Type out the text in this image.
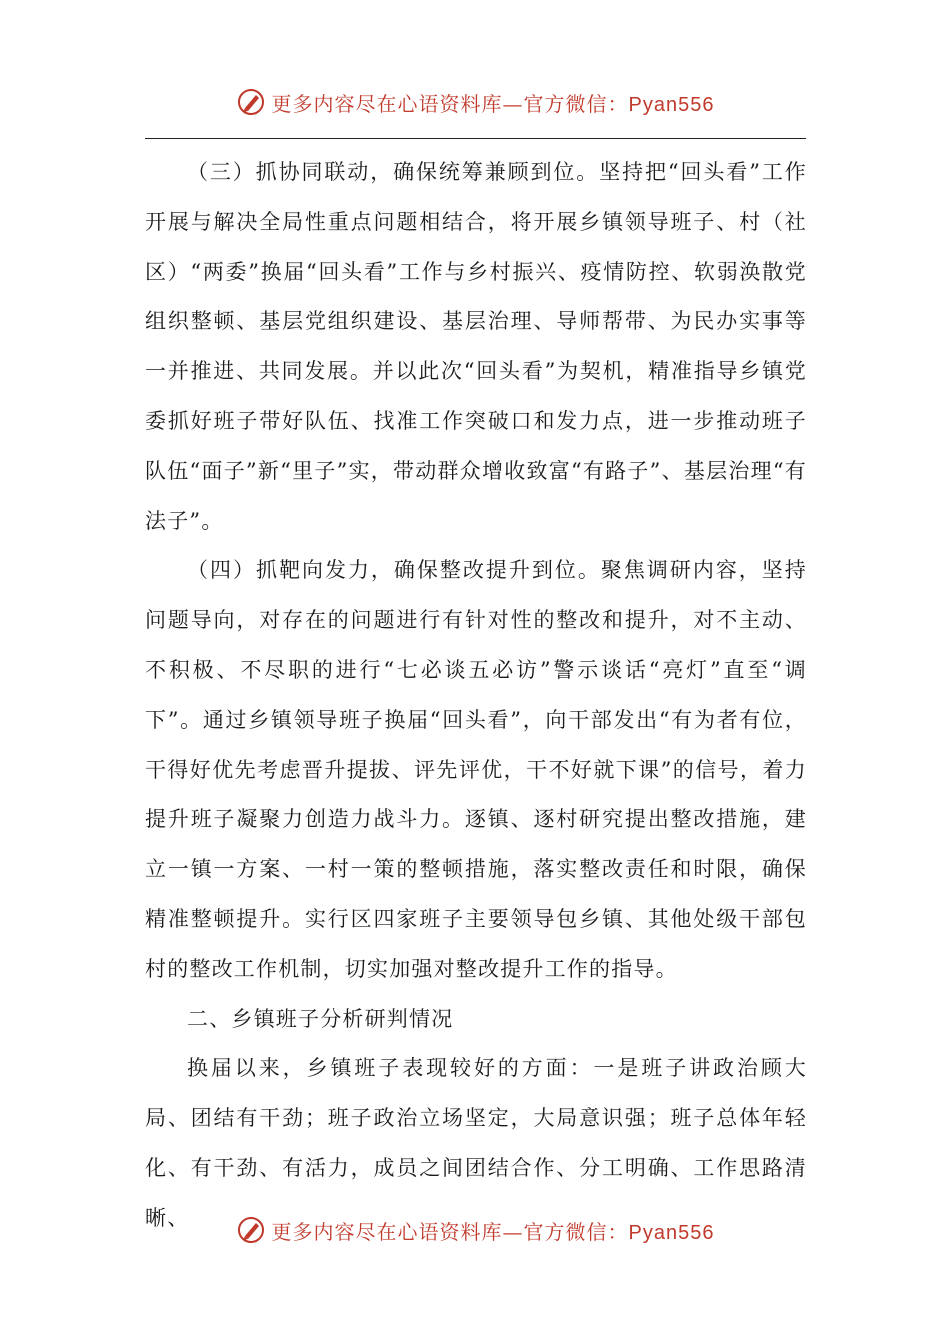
更多内容尽在心语资料库—官方微信：Pyan556

（三）抓协同联动，确保统筹兼顾到位。坚持把“回头看”工作开展与解决全局性重点问题相结合，将开展乡镇领导班子、村（社区）“两委”换届“回头看”工作与乡村振兴、疫情防控、软弱涣散党组织整顿、基层党组织建设、基层治理、导师帮带、为民办实事等一并推进、共同发展。并以此次“回头看”为契机，精准指导乡镇党委抓好班子带好队伍、找准工作突破口和发力点，进一步推动班子队伍“面子”新“里子”实，带动群众增收致富“有路子”、基层治理“有法子”。

（四）抓靶向发力，确保整改提升到位。聚焦调研内容，坚持问题导向，对存在的问题进行有针对性的整改和提升，对不主动、不积极、不尽职的进行“七必谈五必访”警示谈话“亮灯”直至“调下”。通过乡镇领导班子换届“回头看”，向干部发出“有为者有位，干得好优先考虑晋升提拔、评先评优，干不好就下课”的信号，着力提升班子凝聚力创造力战斗力。逐镇、逐村研究提出整改措施，建立一镇一方案、一村一策的整顿措施，落实整改责任和时限，确保精准整顿提升。实行区四家班子主要领导包乡镇、其他处级干部包村的整改工作机制，切实加强对整改提升工作的指导。

二、乡镇班子分析研判情况

换届以来，乡镇班子表现较好的方面：一是班子讲政治顾大局、团结有干劲；班子政治立场坚定，大局意识强；班子总体年轻化、有干劲、有活力，成员之间团结合作、分工明确、工作思路清晰、

更多内容尽在心语资料库—官方微信：Pyan556
